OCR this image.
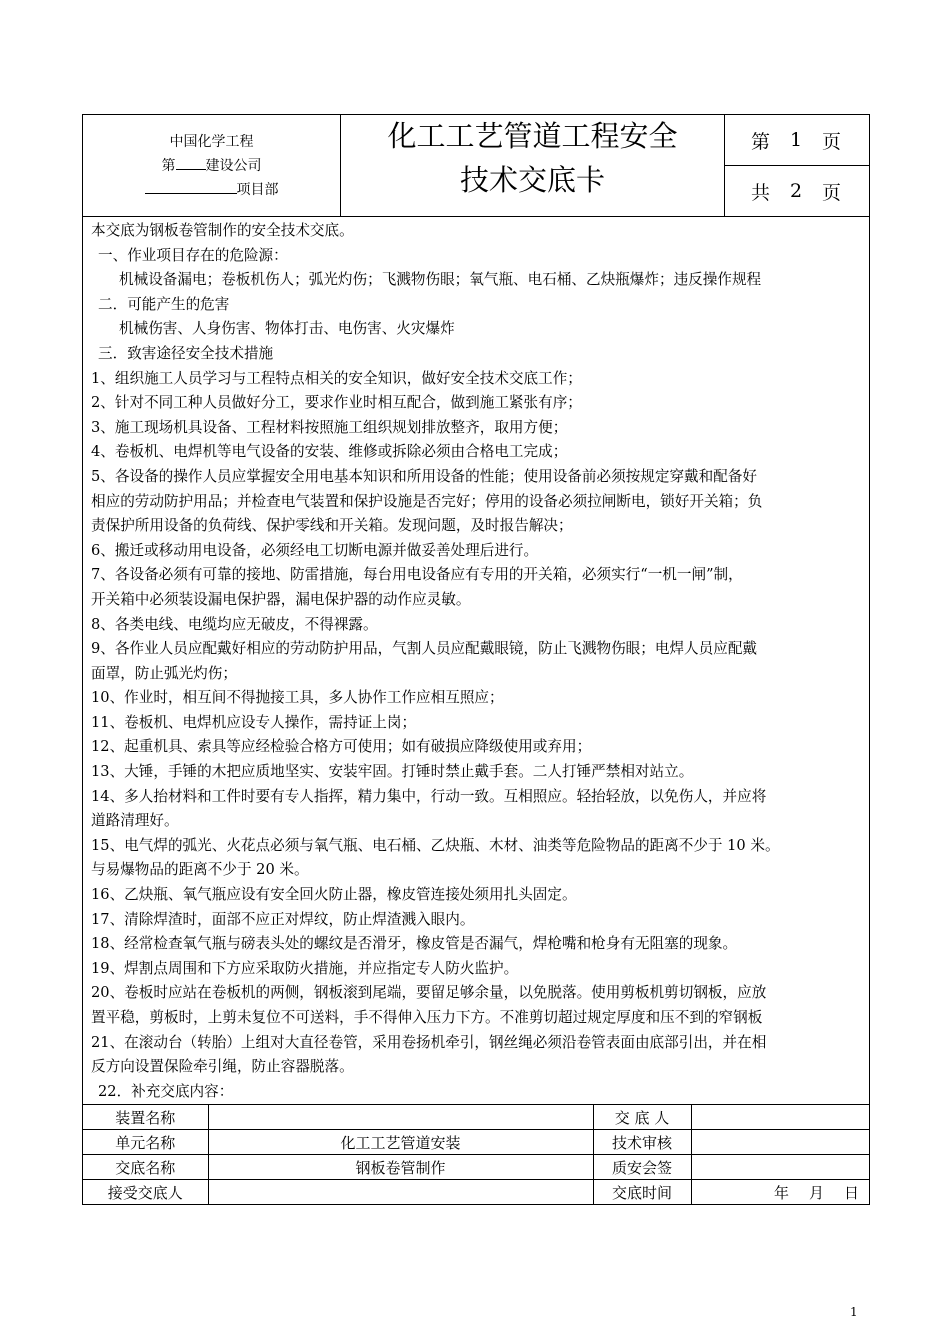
中国化学工程
第 建设公司
项目部
化工工艺管道工程安全
技术交底卡
第 1 页
共 2 页

本交底为钢板卷管制作的安全技术交底。

一、作业项目存在的危险源：

机械设备漏电；卷板机伤人；弧光灼伤；飞溅物伤眼；氧气瓶、电石桶、乙炔瓶爆炸；违反操作规程

二．可能产生的危害

机械伤害、人身伤害、物体打击、电伤害、火灾爆炸

三．致害途径安全技术措施

1、组织施工人员学习与工程特点相关的安全知识，做好安全技术交底工作；

2、针对不同工种人员做好分工，要求作业时相互配合，做到施工紧张有序；

3、施工现场机具设备、工程材料按照施工组织规划排放整齐，取用方便；

4、卷板机、电焊机等电气设备的安装、维修或拆除必须由合格电工完成；

5、各设备的操作人员应掌握安全用电基本知识和所用设备的性能；使用设备前必须按规定穿戴和配备好

相应的劳动防护用品；并检查电气装置和保护设施是否完好；停用的设备必须拉闸断电，锁好开关箱；负

责保护所用设备的负荷线、保护零线和开关箱。发现问题，及时报告解决；

6、搬迁或移动用电设备，必须经电工切断电源并做妥善处理后进行。

7、各设备必须有可靠的接地、防雷措施，每台用电设备应有专用的开关箱，必须实行“一机一闸”制，

开关箱中必须装设漏电保护器，漏电保护器的动作应灵敏。

8、各类电线、电缆均应无破皮，不得裸露。

9、各作业人员应配戴好相应的劳动防护用品，气割人员应配戴眼镜，防止飞溅物伤眼；电焊人员应配戴

面罩，防止弧光灼伤；

10、作业时，相互间不得抛接工具，多人协作工作应相互照应；

11、卷板机、电焊机应设专人操作，需持证上岗；

12、起重机具、索具等应经检验合格方可使用；如有破损应降级使用或弃用；

13、大锤，手锤的木把应质地坚实、安装牢固。打锤时禁止戴手套。二人打锤严禁相对站立。

14、多人抬材料和工件时要有专人指挥，精力集中，行动一致。互相照应。轻抬轻放，以免伤人，并应将

道路清理好。

15、电气焊的弧光、火花点必须与氧气瓶、电石桶、乙炔瓶、木材、油类等危险物品的距离不少于 10 米。

与易爆物品的距离不少于 20 米。

16、乙炔瓶、氧气瓶应设有安全回火防止器，橡皮管连接处须用扎头固定。

17、清除焊渣时，面部不应正对焊纹，防止焊渣溅入眼内。

18、经常检查氧气瓶与磅表头处的螺纹是否滑牙，橡皮管是否漏气，焊枪嘴和枪身有无阻塞的现象。

19、焊割点周围和下方应采取防火措施，并应指定专人防火监护。

20、卷板时应站在卷板机的两侧，钢板滚到尾端，要留足够余量，以免脱落。使用剪板机剪切钢板，应放

置平稳，剪板时，上剪未复位不可送料，手不得伸入压力下方。不准剪切超过规定厚度和压不到的窄钢板

21、在滚动台（转胎）上组对大直径卷管，采用卷扬机牵引，钢丝绳必须沿卷管表面由底部引出，并在相

反方向设置保险牵引绳，防止容器脱落。

22．补充交底内容：

装置名称		交 底 人	
单元名称	化工工艺管道安装	技术审核	
交底名称	钢板卷管制作	质安会签	
接受交底人		交底时间	年 月 日
1
